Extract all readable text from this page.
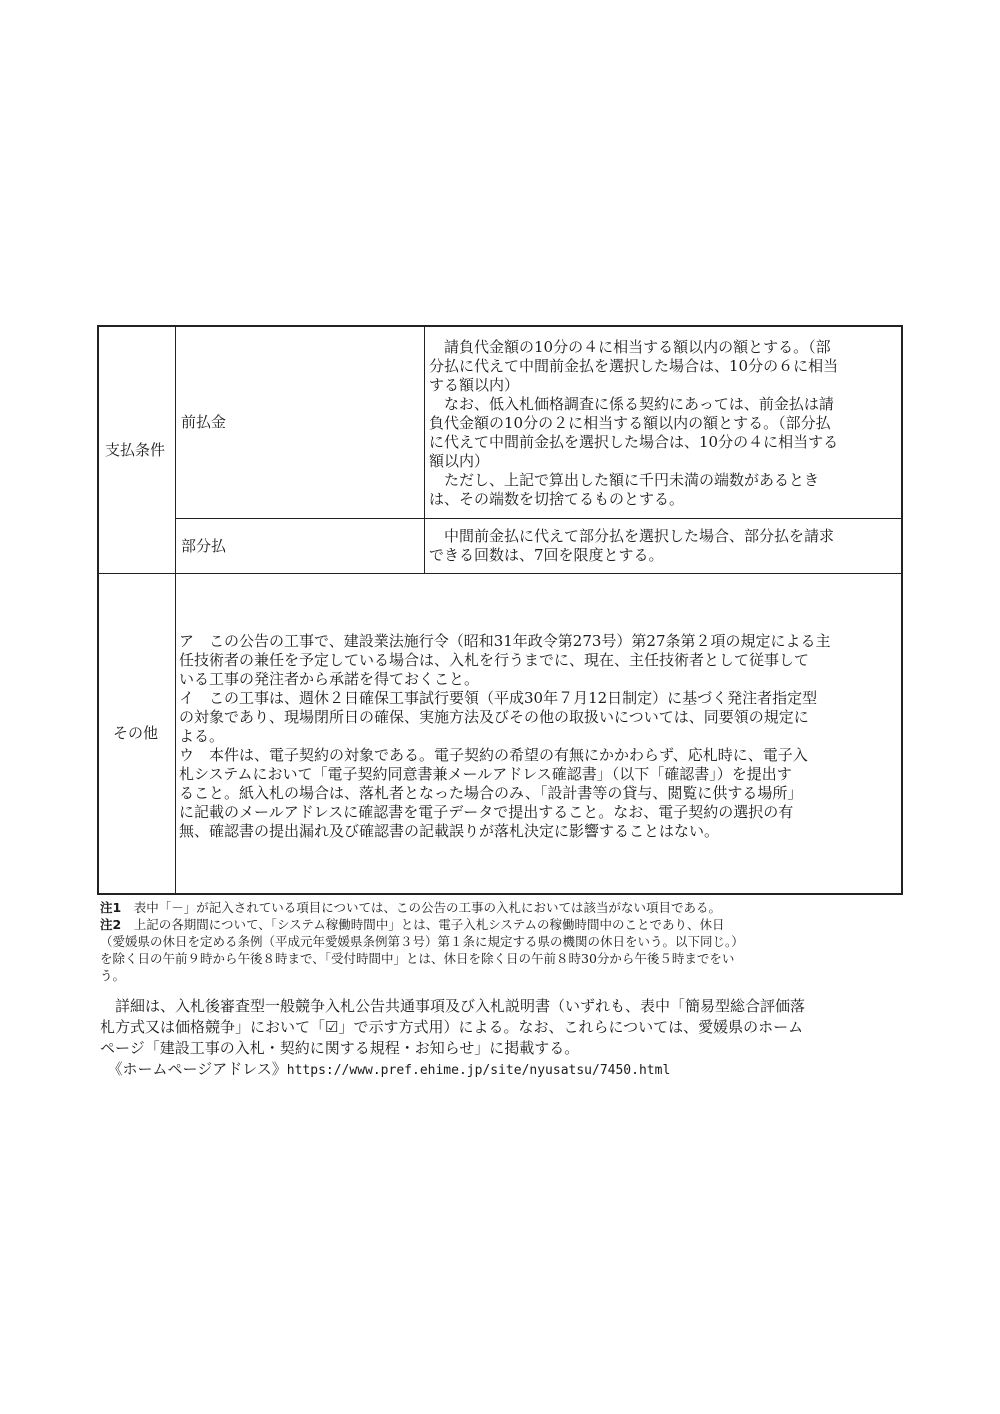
支払条件
前払金
　請負代金額の10分の４に相当する額以内の額とする。（部
分払に代えて中間前金払を選択した場合は、10分の６に相当
する額以内）
　なお、低入札価格調査に係る契約にあっては、前金払は請
負代金額の10分の２に相当する額以内の額とする。（部分払
に代えて中間前金払を選択した場合は、10分の４に相当する
額以内）
　ただし、上記で算出した額に千円未満の端数があるとき
は、その端数を切捨てるものとする。
部分払
　中間前金払に代えて部分払を選択した場合、部分払を請求
できる回数は、7回を限度とする。
その他
ア　この公告の工事で、建設業法施行令（昭和31年政令第273号）第27条第２項の規定による主
任技術者の兼任を予定している場合は、入札を行うまでに、現在、主任技術者として従事して
いる工事の発注者から承諾を得ておくこと。
イ　この工事は、週休２日確保工事試行要領（平成30年７月12日制定）に基づく発注者指定型
の対象であり、現場閉所日の確保、実施方法及びその他の取扱いについては、同要領の規定に
よる。
ウ　本件は、電子契約の対象である。電子契約の希望の有無にかかわらず、応札時に、電子入
札システムにおいて「電子契約同意書兼メールアドレス確認書」（以下「確認書」）を提出す
ること。紙入札の場合は、落札者となった場合のみ、「設計書等の貸与、閲覧に供する場所」
に記載のメールアドレスに確認書を電子データで提出すること。なお、電子契約の選択の有
無、確認書の提出漏れ及び確認書の記載誤りが落札決定に影響することはない。
注1　表中「－」が記入されている項目については、この公告の工事の入札においては該当がない項目である。
注2　上記の各期間について、「システム稼働時間中」とは、電子入札システムの稼働時間中のことであり、休日
（愛媛県の休日を定める条例（平成元年愛媛県条例第３号）第１条に規定する県の機関の休日をいう。以下同じ。）
を除く日の午前９時から午後８時まで、「受付時間中」とは、休日を除く日の午前８時30分から午後５時までをい
う。
　詳細は、入札後審査型一般競争入札公告共通事項及び入札説明書（いずれも、表中「簡易型総合評価落
札方式又は価格競争」において「☑」で示す方式用）による。なお、これらについては、愛媛県のホーム
ページ「建設工事の入札・契約に関する規程・お知らせ」に掲載する。
　《ホームページアドレス》https://www.pref.ehime.jp/site/nyusatsu/7450.html
